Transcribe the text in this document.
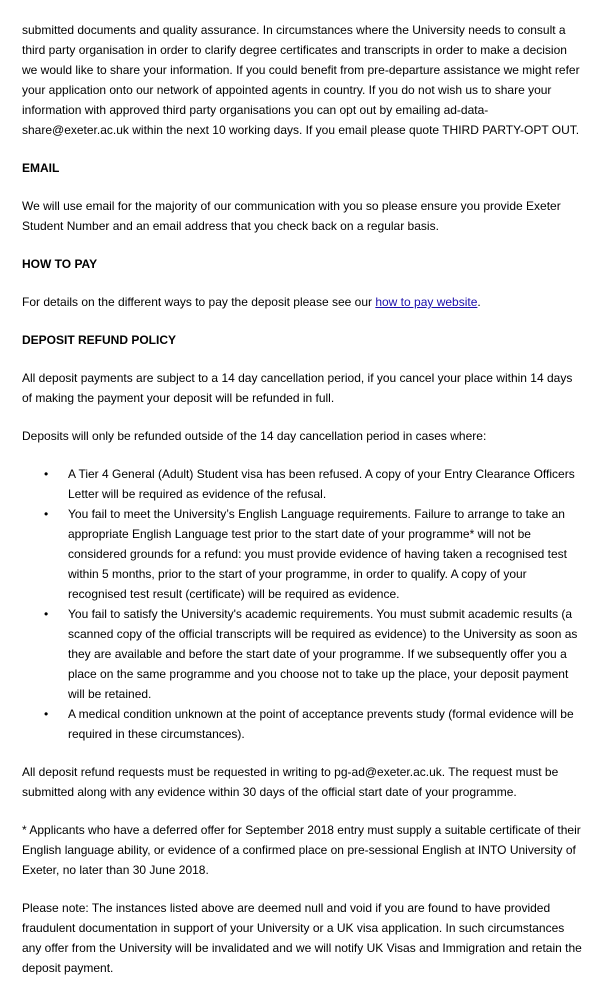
submitted documents and quality assurance. In circumstances where the University needs to consult a third party organisation in order to clarify degree certificates and transcripts in order to make a decision we would like to share your information. If you could benefit from pre-departure assistance we might refer your application onto our network of appointed agents in country. If you do not wish us to share your information with approved third party organisations you can opt out by emailing ad-data-share@exeter.ac.uk within the next 10 working days. If you email please quote THIRD PARTY-OPT OUT.

EMAIL

We will use email for the majority of our communication with you so please ensure you provide Exeter Student Number and an email address that you check back on a regular basis.

HOW TO PAY

For details on the different ways to pay the deposit please see our how to pay website.

DEPOSIT REFUND POLICY

All deposit payments are subject to a 14 day cancellation period, if you cancel your place within 14 days of making the payment your deposit will be refunded in full.

Deposits will only be refunded outside of the 14 day cancellation period in cases where:

• A Tier 4 General (Adult) Student visa has been refused. A copy of your Entry Clearance Officers Letter will be required as evidence of the refusal.
• You fail to meet the University’s English Language requirements. Failure to arrange to take an appropriate English Language test prior to the start date of your programme* will not be considered grounds for a refund: you must provide evidence of having taken a recognised test within 5 months, prior to the start of your programme, in order to qualify. A copy of your recognised test result (certificate) will be required as evidence.
• You fail to satisfy the University's academic requirements. You must submit academic results (a scanned copy of the official transcripts will be required as evidence) to the University as soon as they are available and before the start date of your programme. If we subsequently offer you a place on the same programme and you choose not to take up the place, your deposit payment will be retained.
• A medical condition unknown at the point of acceptance prevents study (formal evidence will be required in these circumstances).

All deposit refund requests must be requested in writing to pg-ad@exeter.ac.uk. The request must be submitted along with any evidence within 30 days of the official start date of your programme.

* Applicants who have a deferred offer for September 2018 entry must supply a suitable certificate of their English language ability, or evidence of a confirmed place on pre-sessional English at INTO University of Exeter, no later than 30 June 2018.

Please note: The instances listed above are deemed null and void if you are found to have provided fraudulent documentation in support of your University or a UK visa application. In such circumstances any offer from the University will be invalidated and we will notify UK Visas and Immigration and retain the deposit payment.
